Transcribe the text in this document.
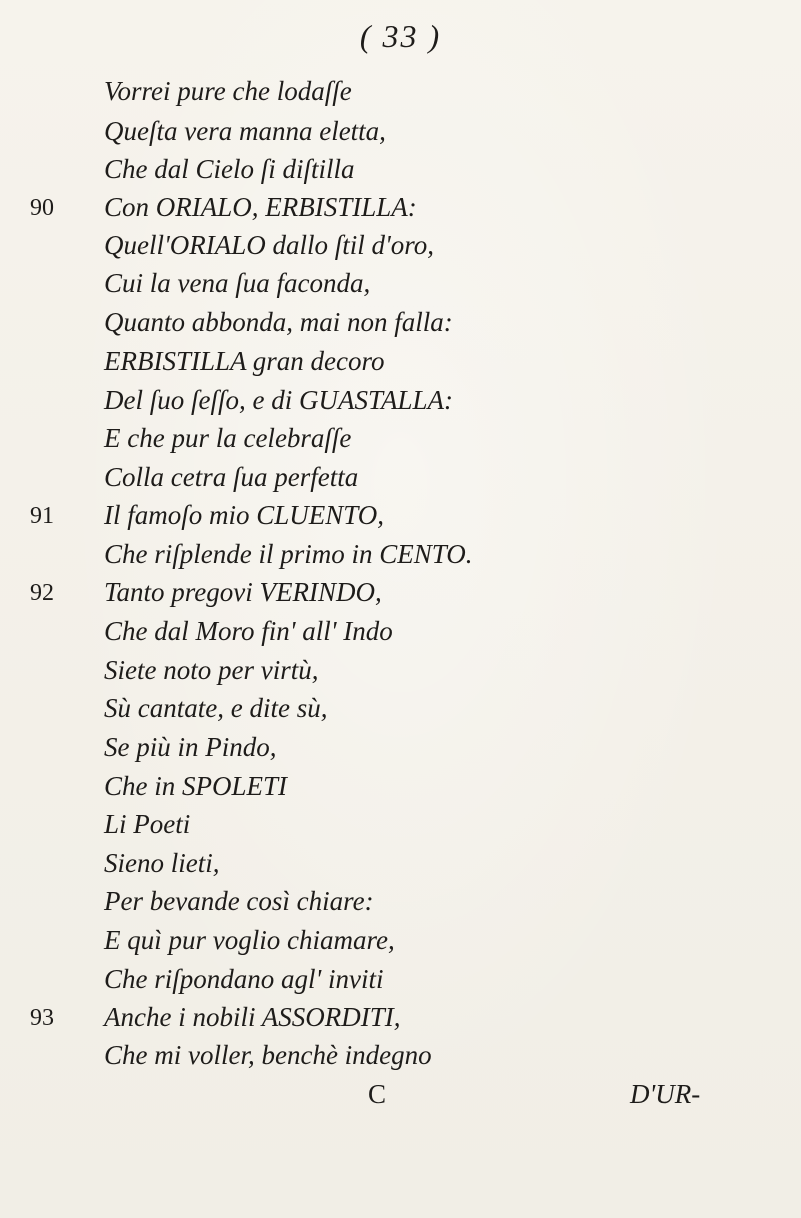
( 33 )
Vorrei pure che lodaſſe
Queſta vera manna eletta,
Che dal Cielo ſi diſtilla
90 Con ORIALO, ERBISTILLA:
Quell'ORIALO dallo ſtil d'oro,
Cui la vena ſua faconda,
Quanto abbonda, mai non falla:
ERBISTILLA gran decoro
Del ſuo ſeſſo, e di GUASTALLA:
E che pur la celebraſſe
Colla cetra ſua perfetta
91 Il famoſo mio CLUENTO,
Che riſplende il primo in CENTO.
92 Tanto pregovi VERINDO,
Che dal Moro fin' all' Indo
Siete noto per virtù,
Sù cantate, e dite sù,
Se più in Pindo,
Che in SPOLETI
Li Poeti
Sieno lieti,
Per bevande così chiare:
E quì pur voglio chiamare,
Che riſpondano agl' inviti
93 Anche i nobili ASSORDITI,
Che mi voller, benchè indegno
C	D'UR-
